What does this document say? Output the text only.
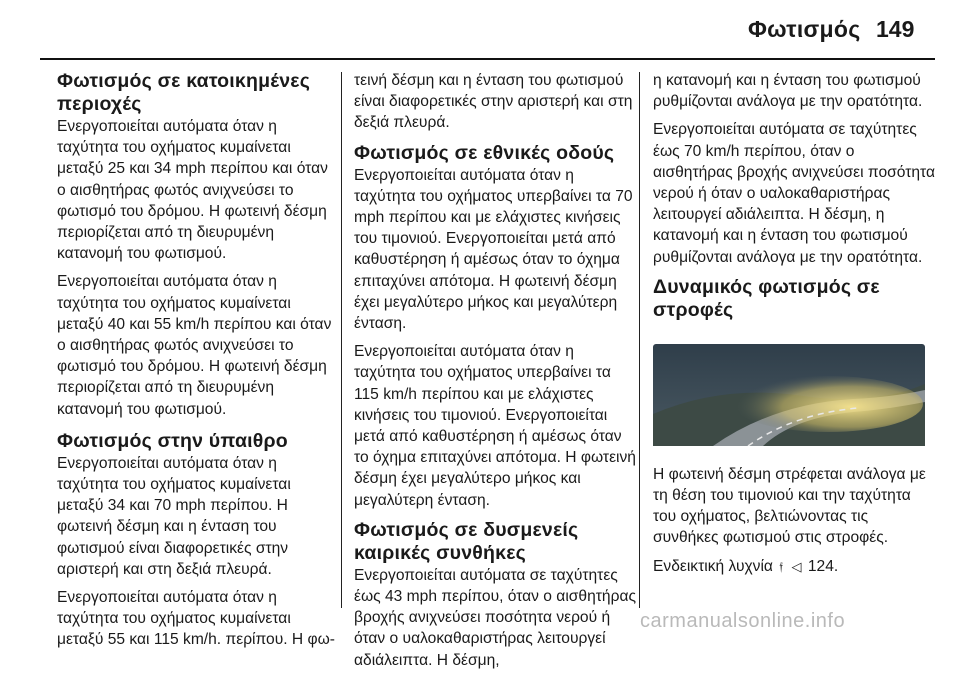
Φωτισμός 149
Φωτισμός σε κατοικημένες περιοχές

Ενεργοποιείται αυτόματα όταν η ταχύτητα του οχήματος κυμαίνεται μεταξύ 25 και 34 mph περίπου και όταν ο αισθητήρας φωτός ανιχνεύσει το φωτισμό του δρόμου. Η φωτεινή δέσμη περιορίζεται από τη διευρυμένη κατανομή του φωτισμού.

Ενεργοποιείται αυτόματα όταν η ταχύτητα του οχήματος κυμαίνεται μεταξύ 40 και 55 km/h περίπου και όταν ο αισθητήρας φωτός ανιχνεύσει το φωτισμό του δρόμου. Η φωτεινή δέσμη περιορίζεται από τη διευρυμένη κατανομή του φωτισμού.

Φωτισμός στην ύπαιθρο

Ενεργοποιείται αυτόματα όταν η ταχύτητα του οχήματος κυμαίνεται μεταξύ 34 και 70 mph περίπου. Η φωτεινή δέσμη και η ένταση του φωτισμού είναι διαφορετικές στην αριστερή και στη δεξιά πλευρά.

Ενεργοποιείται αυτόματα όταν η ταχύτητα του οχήματος κυμαίνεται μεταξύ 55 και 115 km/h. περίπου. Η φω-

τεινή δέσμη και η ένταση του φωτισμού είναι διαφορετικές στην αριστερή και στη δεξιά πλευρά.

Φωτισμός σε εθνικές οδούς

Ενεργοποιείται αυτόματα όταν η ταχύτητα του οχήματος υπερβαίνει τα 70 mph περίπου και με ελάχιστες κινήσεις του τιμονιού. Ενεργοποιείται μετά από καθυστέρηση ή αμέσως όταν το όχημα επιταχύνει απότομα. Η φωτεινή δέσμη έχει μεγαλύτερο μήκος και μεγαλύτερη ένταση.

Ενεργοποιείται αυτόματα όταν η ταχύτητα του οχήματος υπερβαίνει τα 115 km/h περίπου και με ελάχιστες κινήσεις του τιμονιού. Ενεργοποιείται μετά από καθυστέρηση ή αμέσως όταν το όχημα επιταχύνει απότομα. Η φωτεινή δέσμη έχει μεγαλύτερο μήκος και μεγαλύτερη ένταση.

Φωτισμός σε δυσμενείς καιρικές συνθήκες

Ενεργοποιείται αυτόματα σε ταχύτητες έως 43 mph περίπου, όταν ο αισθητήρας βροχής ανιχνεύσει ποσότητα νερού ή όταν ο υαλοκαθαριστήρας λειτουργεί αδιάλειπτα. Η δέσμη,

η κατανομή και η ένταση του φωτισμού ρυθμίζονται ανάλογα με την ορατότητα.

Ενεργοποιείται αυτόματα σε ταχύτητες έως 70 km/h περίπου, όταν ο αισθητήρας βροχής ανιχνεύσει ποσότητα νερού ή όταν ο υαλοκαθαριστήρας λειτουργεί αδιάλειπτα. Η δέσμη, η κατανομή και η ένταση του φωτισμού ρυθμίζονται ανάλογα με την ορατότητα.

Δυναμικός φωτισμός σε στροφές

Η φωτεινή δέσμη στρέφεται ανάλογα με τη θέση του τιμονιού και την ταχύτητα του οχήματος, βελτιώνοντας τις συνθήκες φωτισμού στις στροφές.

Ενδεικτική λυχνία 𝔣 ◁ 124.

carmanualsonline.info
